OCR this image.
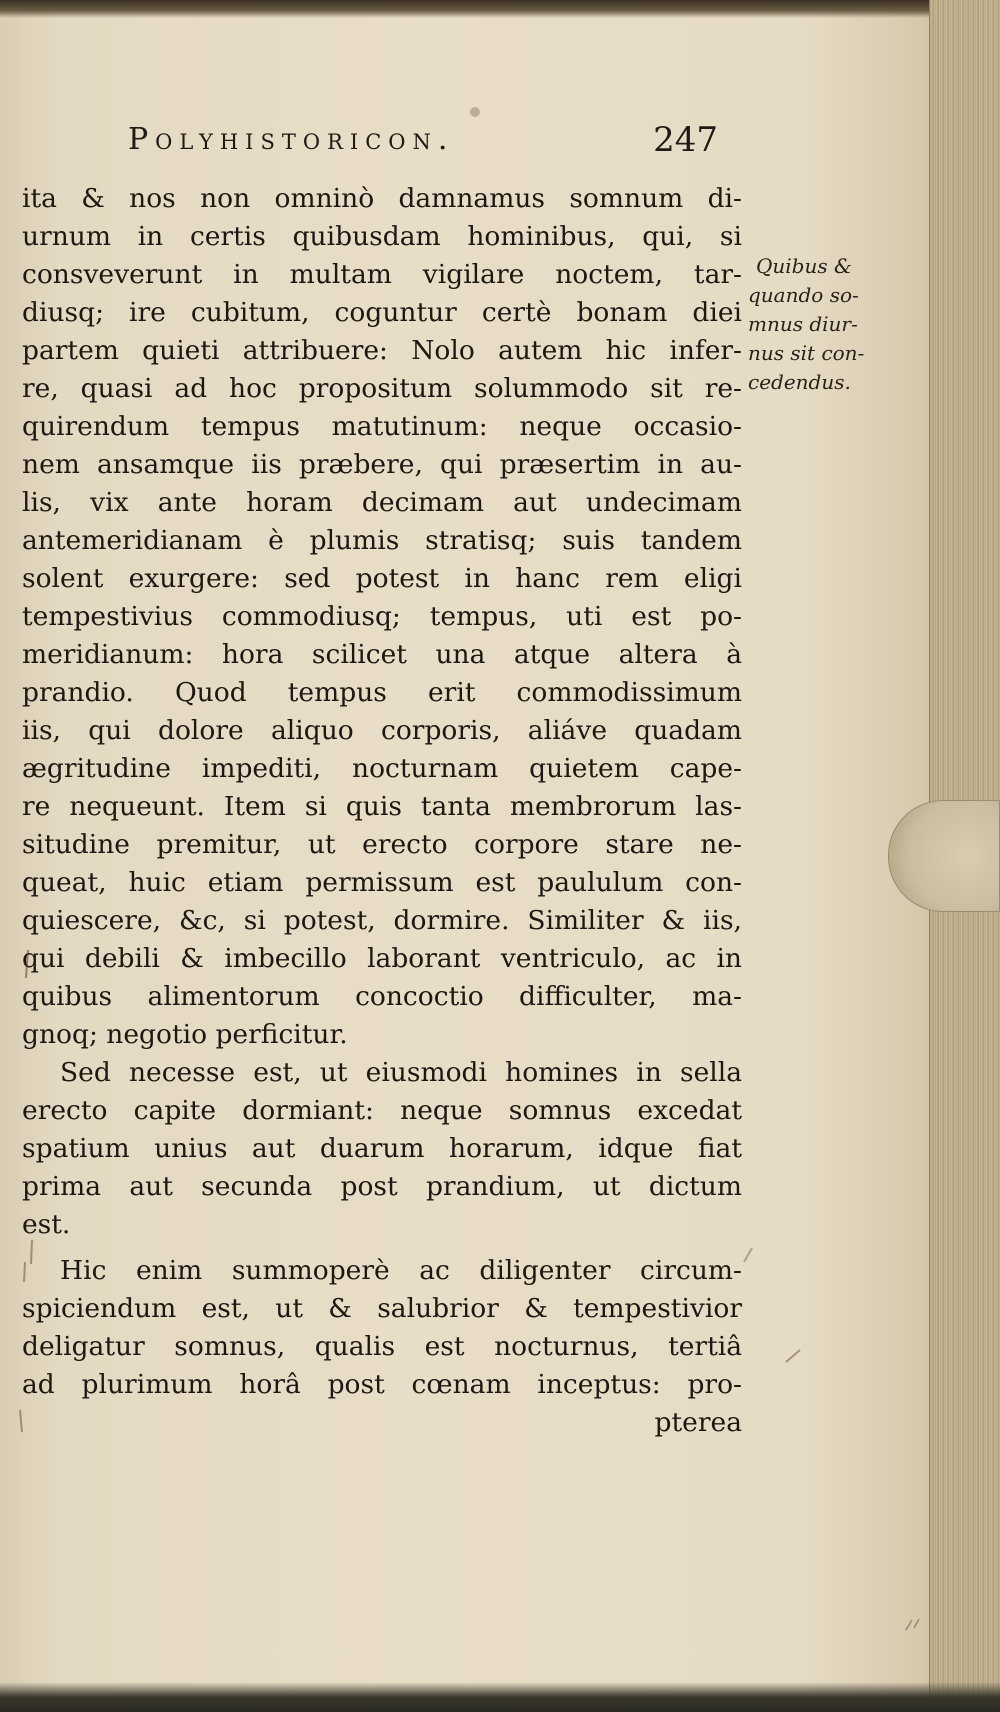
Polyhistoricon.	247
ita & nos non omninò damnamus somnum di-
urnum in certis quibusdam hominibus, qui, si
consveverunt in multam vigilare noctem, tar-
diusq; ire cubitum, coguntur certè bonam diei
partem quieti attribuere: Nolo autem hic infer-
re, quasi ad hoc propositum solummodo sit re-
quirendum tempus matutinum: neque occasio-
nem ansamque iis præbere, qui præsertim in au-
lis, vix ante horam decimam aut undecimam
antemeridianam è plumis stratisq; suis tandem
solent exurgere: sed potest in hanc rem eligi
tempestivius commodiusq; tempus, uti est po-
meridianum: hora scilicet una atque altera à
prandio. Quod tempus erit commodissimum
iis, qui dolore aliquo corporis, aliáve quadam
ægritudine impediti, nocturnam quietem cape-
re nequeunt. Item si quis tanta membrorum las-
situdine premitur, ut erecto corpore stare ne-
queat, huic etiam permissum est paululum con-
quiescere, &c, si potest, dormire. Similiter & iis,
qui debili & imbecillo laborant ventriculo, ac in
quibus alimentorum concoctio difficulter, ma-
gnoq; negotio perficitur.
Sed necesse est, ut eiusmodi homines in sella
erecto capite dormiant: neque somnus excedat
spatium unius aut duarum horarum, idque fiat
prima aut secunda post prandium, ut dictum
est.
Hic enim summoperè ac diligenter circum-
spiciendum est, ut & salubrior & tempestivior
deligatur somnus, qualis est nocturnus, tertiâ
ad plurimum horâ post cœnam inceptus: pro-
pterea
Quibus &
quando so-
mnus diur-
nus sit con-
cedendus.
